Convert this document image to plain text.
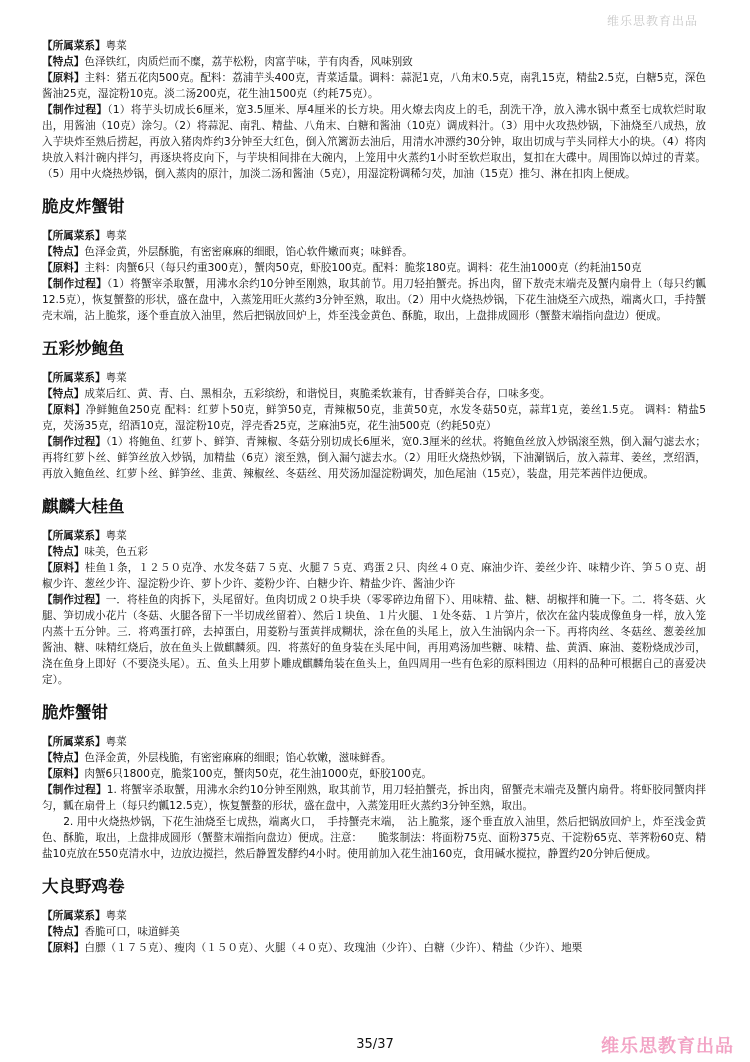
维乐思教育出品

【所属菜系】粤菜

【特点】色泽铁红，肉质烂而不糜，荔芋松粉，肉富芋味，芋有肉香，风味别致

【原料】主料：猪五花肉500克。配料：荔浦芋头400克，青菜适量。调料：蒜泥1克，八角末0.5克，南乳15克，精盐2.5克，白糖5克，深色酱油25克，湿淀粉10克。淡二汤200克，花生油1500克（约耗75克）。

【制作过程】（1）将芋头切成长6厘米，宽3.5厘米、厚4厘米的长方块。用火燎去肉皮上的毛，刮洗干净，放入沸水锅中煮至七成软烂时取出，用酱油（10克）涂匀。（2）将蒜泥、南乳、精盐、八角末、白糖和酱油（10克）调成料汁。（3）用中火攻热炒锅，下油烧至八成热，放入芋块炸至熟后捞起，再放入猪肉炸约3分钟至大红色，倒入笊篱沥去油后，用清水冲漂约30分钟，取出切成与芋头同样大小的块。（4）将肉块放入料汁碗内拌匀，再逐块将皮向下，与芋块相间排在大碗内，上笼用中火蒸约1小时至软烂取出，复扣在大碟中。周围饰以焯过的青菜。（5）用中火烧热炒锅，倒入蒸肉的原汁，加淡二汤和酱油（5克），用湿淀粉调稀匀芡，加油（15克）推匀、淋在扣肉上便成。

脆皮炸蟹钳

【所属菜系】粤菜

【特点】色泽金黄，外层酥脆，有密密麻麻的细眼，馅心软件嫩而爽；味鲜香。

【原料】主料：肉蟹6只（每只约重300克），蟹肉50克，虾胶100克。配料：脆浆180克。调料：花生油1000克（约耗油150克

【制作过程】（1）将蟹宰杀取蟹，用沸水余约10分钟至刚熟，取其前节。用刀轻拍蟹壳。拆出肉，留下敖壳末端壳及蟹内扇骨上（每只约瓤12.5克），恢复蟹螯的形状，盛在盘中，入蒸笼用旺火蒸约3分钟至熟，取出。（2）用中火烧热炒锅，下花生油烧至六成热，端离火口，手持蟹壳末端，沾上脆浆，逐个垂直放入油里，然后把锅放回炉上，炸至浅金黄色、酥脆，取出，上盘排成圆形（蟹螯末端指向盘边）便成。

五彩炒鲍鱼

【所属菜系】粤菜

【特点】成菜后红、黄、青、白、黑相杂，五彩缤纷，和谐悦目，爽脆柔软兼有，甘香鲜美合存，口味多变。

【原料】净鲜鲍鱼250克 配料：红萝卜50克，鲜笋50克，青辣椒50克，韭黄50克，水发冬菇50克，蒜茸1克，姜丝1.5克。 调料：精盐5克，芡汤35克，绍酒10克，湿淀粉10克，浮壳香25克，芝麻油5克，花生油500克（约耗50克）

【制作过程】（1）将鲍鱼、红萝卜、鲜笋、青辣椒、冬菇分别切成长6厘米，宽0.3厘米的丝状。将鲍鱼丝放入炒锅滚至熟，倒入漏勺滤去水；再将红萝卜丝、鲜笋丝放入炒锅，加精盐（6克）滚至熟，倒入漏勺滤去水。（2）用旺火烧热炒锅，下油涮锅后，放入蒜茸、姜丝，烹绍酒，再放入鲍鱼丝、红萝卜丝、鲜笋丝、韭黄、辣椒丝、冬菇丝、用芡汤加湿淀粉调芡，加色尾油（15克），装盘，用芫苯茜伴边便成。

麒麟大桂鱼

【所属菜系】粤菜

【特点】味美，色五彩

【原料】桂鱼１条，１２５０克净、水发冬菇７５克、火腿７５克、鸡蛋２只、肉丝４０克、麻油少许、姜丝少许、味精少许、笋５０克、胡椒少许、葱丝少许、湿淀粉少许、萝卜少许、菱粉少许、白糖少许、精盐少许、酱油少许

【制作过程】一．将桂鱼的肉拆下，头尾留好。鱼肉切成２０块手块（零零碎边角留下）、用味精、盐、糖、胡椒拌和腌一下。二．将冬菇、火腿、笋切成小花片（冬菇、火腿各留下一半切成丝留着）、然后１块鱼、１片火腿、１处冬菇、１片笋片，依次在盆内装成像鱼身一样，放入笼内蒸十五分钟。三．将鸡蛋打碎，去掉蛋白，用菱粉与蛋黄拌成糊状，涂在鱼的头尾上，放入生油锅内余一下。再将肉丝、冬菇丝、葱姜丝加酱油、糖、味精红烧后，放在鱼头上做麒麟须。四．将蒸好的鱼身装在头尾中间，再用鸡汤加些糖、味精、盐、黄酒、麻油、菱粉烧成沙司，浇在鱼身上即好（不要浇头尾）。五、鱼头上用萝卜雕成麒麟角装在鱼头上，鱼四周用一些有色彩的原料围边（用料的品种可根据自己的喜爱决定）。

脆炸蟹钳

【所属菜系】粤菜

【特点】色泽金黄，外层栈脆，有密密麻麻的细眼；馅心软嫩，滋味鲜香。

【原料】肉蟹6只1800克，脆浆100克，蟹肉50克，花生油1000克，虾胶100克。

【制作过程】1. 将蟹宰杀取蟹，用沸水余约10分钟至刚熟，取其前节，用刀轻拍蟹壳，拆出肉，留蟹壳末端壳及蟹内扇骨。将虾胶同蟹肉拌匀，瓤在扇骨上（每只约瓤12.5克），恢复蟹螯的形状，盛在盘中，入蒸笼用旺火蒸约3分钟至熟，取出。

2. 用中火烧热炒锅，下花生油烧至七成热，端离火口，　手持蟹壳末端，　沾上脆浆，逐个垂直放入油里，然后把锅放回炉上，炸至浅金黄色、酥脆，取出，上盘排成圆形（蟹螯末端指向盘边）便成。注意：　　脆浆制法：将面粉75克、面粉375克、干淀粉65克、莘荠粉60克、精盐10克放在550克清水中，边放边搅拦，然后静置发酵约4小时。使用前加入花生油160克，食用碱水搅拉，静置约20分钟后便成。

大良野鸡卷

【所属菜系】粤菜

【特点】香脆可口，味道鲜美

【原料】白膘（１７５克）、瘦肉（１５０克）、火腿（４０克）、玫瑰油（少许）、白糖（少许）、精盐（少许）、地栗

35/37	维乐思教育出品
